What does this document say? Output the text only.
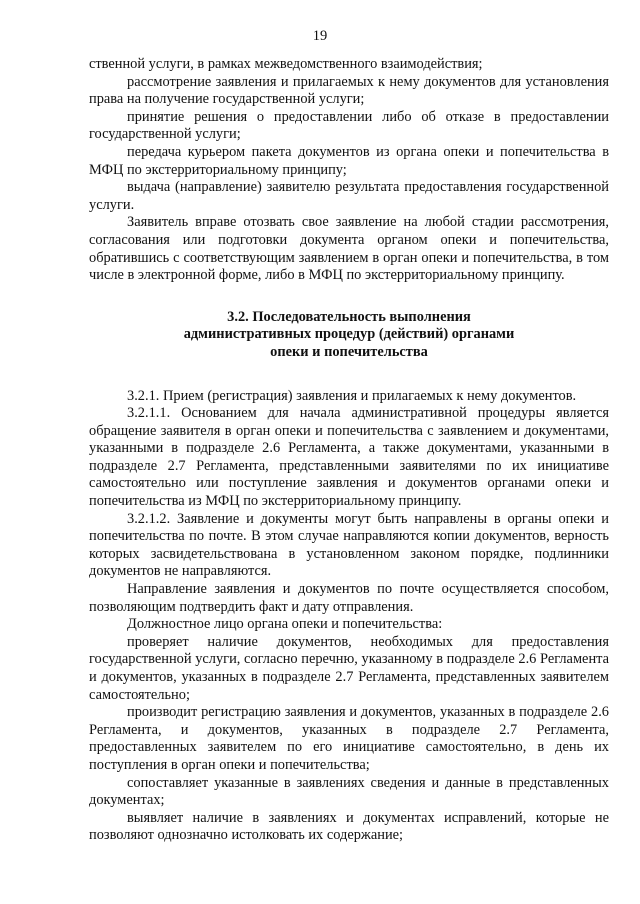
19

ственной услуги, в рамках межведомственного взаимодействия;

рассмотрение заявления и прилагаемых к нему документов для установления права на получение государственной услуги;

принятие решения о предоставлении либо об отказе в предоставлении государственной услуги;

передача курьером пакета документов из органа опеки и попечительства в МФЦ по экстерриториальному принципу;

выдача (направление) заявителю результата предоставления государственной услуги.

Заявитель вправе отозвать свое заявление на любой стадии рассмотрения, согласования или подготовки документа органом опеки и попечительства, обратившись с соответствующим заявлением в орган опеки и попечительства, в том числе в электронной форме, либо в МФЦ по экстерриториальному принципу.

3.2. Последовательность выполнения
административных процедур (действий) органами
опеки и попечительства

3.2.1. Прием (регистрация) заявления и прилагаемых к нему документов.

3.2.1.1. Основанием для начала административной процедуры является обращение заявителя в орган опеки и попечительства с заявлением и документами, указанными в подразделе 2.6 Регламента, а также документами, указанными в подразделе 2.7 Регламента, представленными заявителями по их инициативе самостоятельно или поступление заявления и документов органами опеки и попечительства из МФЦ по экстерриториальному принципу.

3.2.1.2. Заявление и документы могут быть направлены в органы опеки и попечительства по почте. В этом случае направляются копии документов, верность которых засвидетельствована в установленном законом порядке, подлинники документов не направляются.

Направление заявления и документов по почте осуществляется способом, позволяющим подтвердить факт и дату отправления.

Должностное лицо органа опеки и попечительства:

проверяет наличие документов, необходимых для предоставления государственной услуги, согласно перечню, указанному в подразделе 2.6 Регламента и документов, указанных в подразделе 2.7 Регламента, представленных заявителем самостоятельно;

производит регистрацию заявления и документов, указанных в подразделе 2.6 Регламента, и документов, указанных в подразделе 2.7 Регламента, предоставленных заявителем по его инициативе самостоятельно, в день их поступления в орган опеки и попечительства;

сопоставляет указанные в заявлениях сведения и данные в представленных документах;

выявляет наличие в заявлениях и документах исправлений, которые не позволяют однозначно истолковать их содержание;
